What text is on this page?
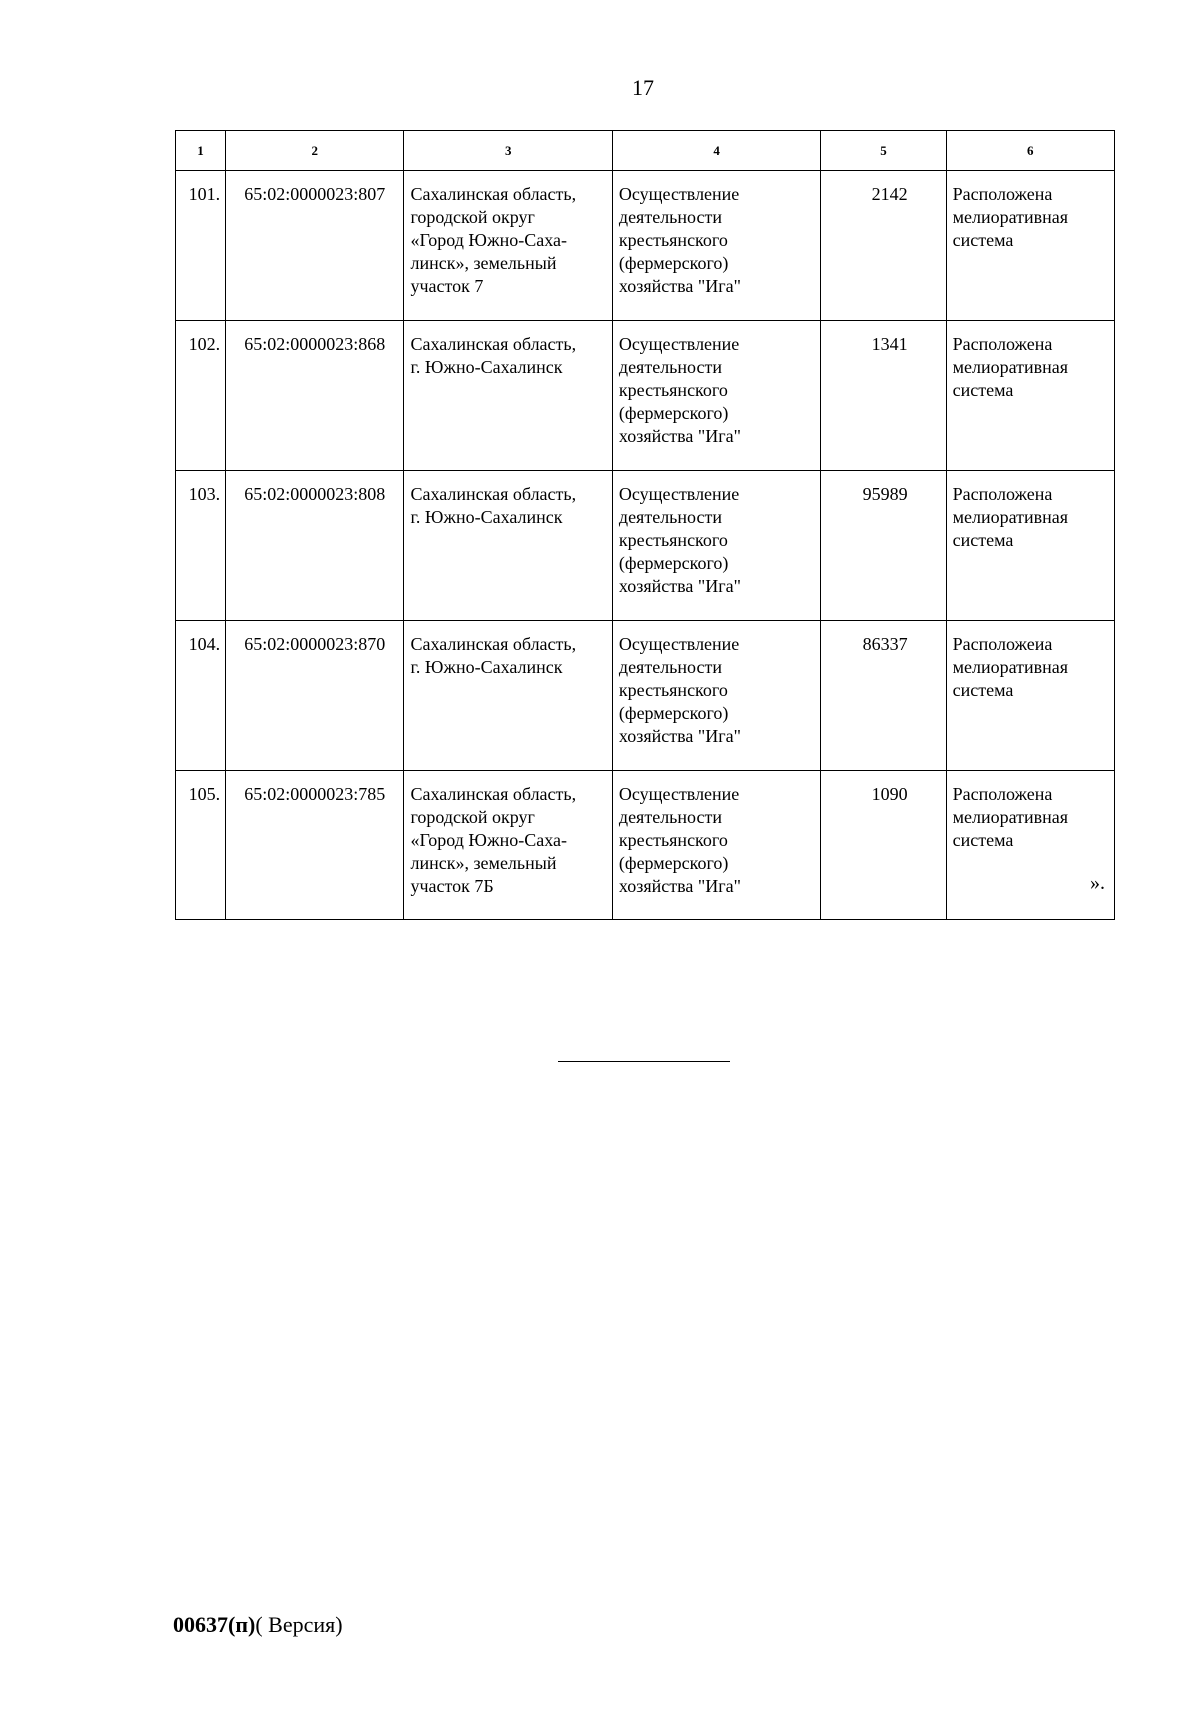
17
1	2	3	4	5	6
101.	65:02:0000023:807	Сахалинская область,
городской округ
«Город Южно-Саха-
линск», земельный
участок 7	Осуществление
деятельности
крестьянского
(фермерского)
хозяйства "Ига"	2142	Расположена
мелиоративная
система
102.	65:02:0000023:868	Сахалинская область,
г. Южно-Сахалинск	Осуществление
деятельности
крестьянского
(фермерского)
хозяйства "Ига"	1341	Расположена
мелиоративная
система
103.	65:02:0000023:808	Сахалинская область,
г. Южно-Сахалинск	Осуществление
деятельности
крестьянского
(фермерского)
хозяйства "Ига"	95989	Расположена
мелиоративная
система
104.	65:02:0000023:870	Сахалинская область,
г. Южно-Сахалинск	Осуществление
деятельности
крестьянского
(фермерского)
хозяйства "Ига"	86337	Расположеиа
мелиоративная
система
105.	65:02:0000023:785	Сахалинская область,
городской округ
«Город Южно-Саха-
линск», земельный
участок 7Б	Осуществление
деятельности
крестьянского
(фермерского)
хозяйства "Ига"	1090	Расположена
мелиоративная
система
».
00637(п)( Версия)
